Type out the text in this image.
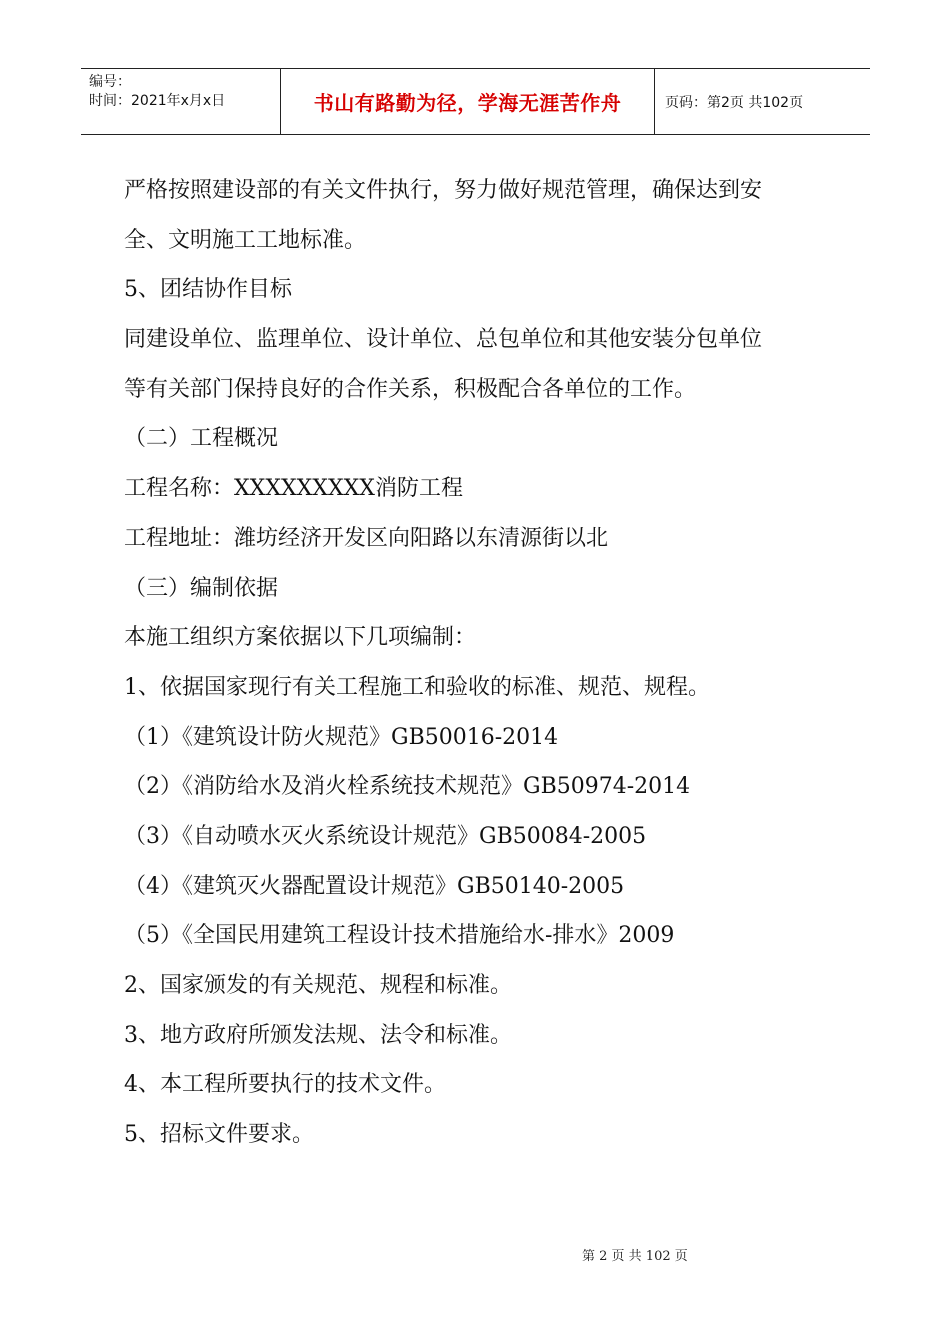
编号：
时间：2021年x月x日	书山有路勤为径，学海无涯苦作舟	页码：第2页 共102页
严格按照建设部的有关文件执行，努力做好规范管理，确保达到安
全、文明施工工地标准。
5、团结协作目标
同建设单位、监理单位、设计单位、总包单位和其他安装分包单位
等有关部门保持良好的合作关系，积极配合各单位的工作。
（二）工程概况
工程名称：XXXXXXXXX消防工程
工程地址：潍坊经济开发区向阳路以东清源街以北
（三）编制依据
本施工组织方案依据以下几项编制：
1、依据国家现行有关工程施工和验收的标准、规范、规程。
（1）《建筑设计防火规范》GB50016-2014
（2）《消防给水及消火栓系统技术规范》GB50974-2014
（3）《自动喷水灭火系统设计规范》GB50084-2005
（4）《建筑灭火器配置设计规范》GB50140-2005
（5）《全国民用建筑工程设计技术措施给水-排水》2009
2、国家颁发的有关规范、规程和标准。
3、地方政府所颁发法规、法令和标准。
4、本工程所要执行的技术文件。
5、招标文件要求。
第 2 页 共 102 页
